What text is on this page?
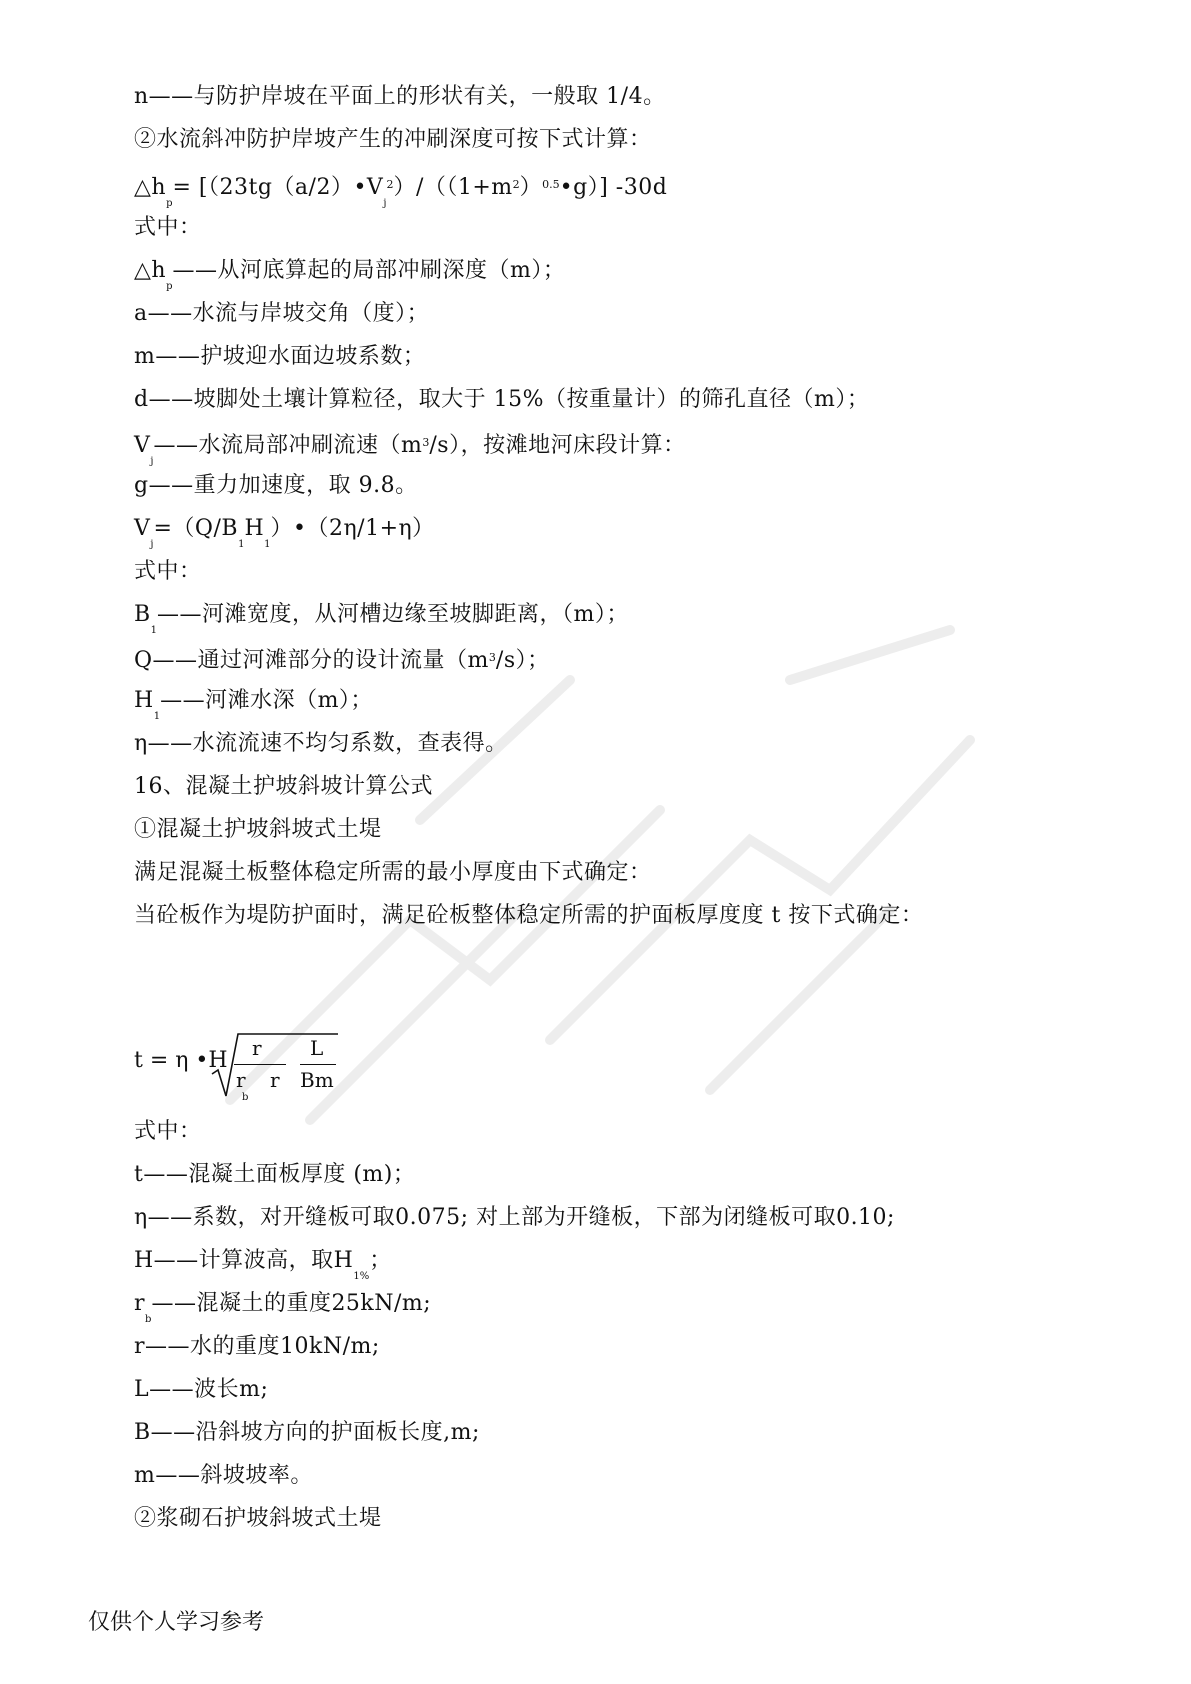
n——与防护岸坡在平面上的形状有关，一般取 1/4。
②水流斜冲防护岸坡产生的冲刷深度可按下式计算：
$\triangle h_p=$ $[(23tg(a/2)•V_j^2)/((1+m^2)^{0.5}•g)]$ -30d
式中：
$\triangle h_p——$从河底算起的局部冲刷深度（m）；
a——水流与岸坡交角（度）；
m——护坡迎水面边坡系数；
d——坡脚处土壤计算粒径，取大于 15%（按重量计）的筛孔直径（m）；
$V_j——$水流局部冲刷流速$(m^3/s)$，按滩地河床段计算：
g——重力加速度，取 9.8。
$V_j=(Q/B_1H_1)•(2\eta/1+\eta)$
式中：
$B_1——$河滩宽度，从河槽边缘至坡脚距离，（m）；
Q——通过河滩部分的设计流量$(m^3/s)$；
$H_1——$河滩水深（m）；
η——水流流速不均匀系数，查表得。
16、混凝土护坡斜坡计算公式
①混凝土护坡斜坡式土堤
满足混凝土板整体稳定所需的最小厚度由下式确定：
当砼板作为堤防护面时，满足砼板整体稳定所需的护面板厚度度 t 按下式确定：
t = η •H r
r
b
r
L
Bm
式中：
t——混凝土面板厚度 (m)；
η——系数，对开缝板可取0.075; 对上部为开缝板，下部为闭缝板可取0.10;
H——计算波高，取$H_{1\%}$；
$r_b——$混凝土的重度25kN/m;
r——水的重度10kN/m;
L——波长m;
B——沿斜坡方向的护面板长度,m;
m——斜坡坡率。
②浆砌石护坡斜坡式土堤
仅供个人学习参考
